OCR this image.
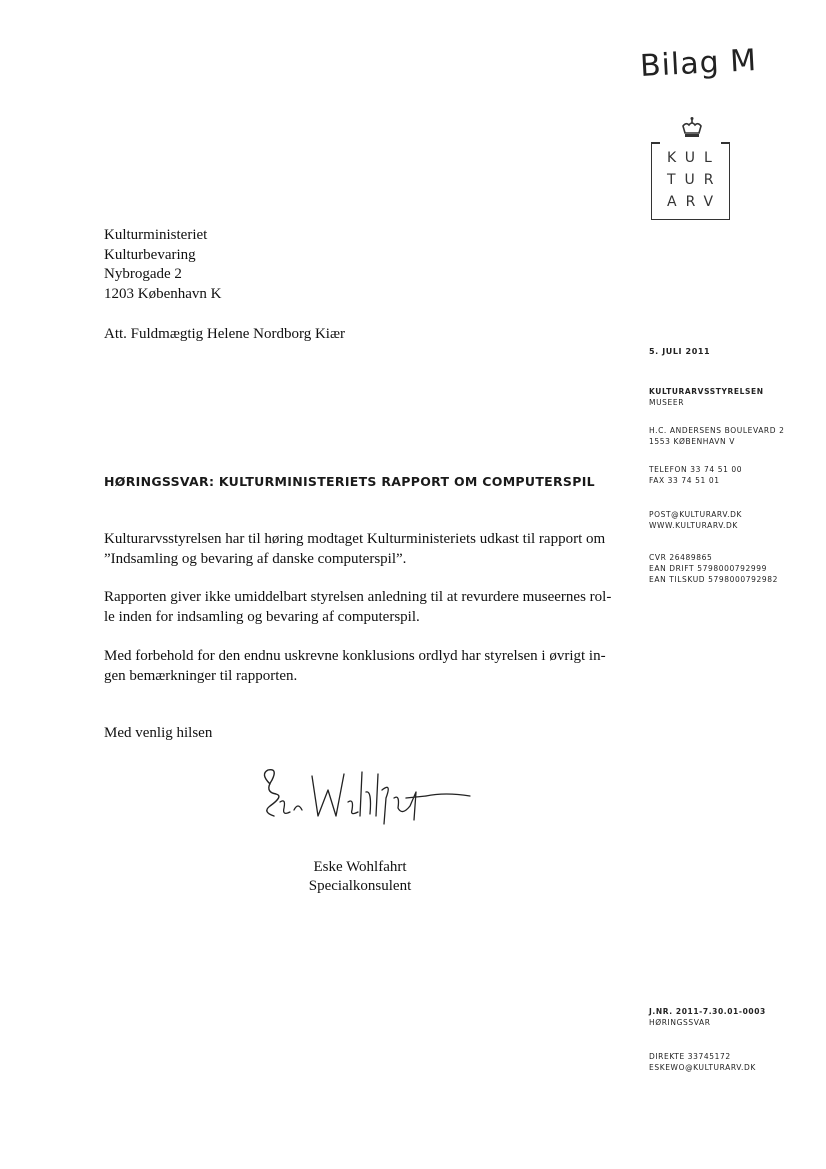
Bilag M
KUL
TUR
ARV
Kulturministeriet
Kulturbevaring
Nybrogade 2
1203 København K
Att. Fuldmægtig Helene Nordborg Kiær
5. JULI 2011
KULTURARVSSTYRELSEN
MUSEER
H.C. ANDERSENS BOULEVARD 2
1553 KØBENHAVN V
TELEFON 33 74 51 00
FAX 33 74 51 01
POST@KULTURARV.DK
WWW.KULTURARV.DK
CVR 26489865
EAN DRIFT 5798000792999
EAN TILSKUD 5798000792982
HØRINGSSVAR: KULTURMINISTERIETS RAPPORT OM COMPUTERSPIL

Kulturarvsstyrelsen har til høring modtaget Kulturministeriets udkast til rapport om

”Indsamling og bevaring af danske computerspil”.

Rapporten giver ikke umiddelbart styrelsen anledning til at revurdere museernes rol-

le inden for indsamling og bevaring af computerspil.

Med forbehold for den endnu uskrevne konklusions ordlyd har styrelsen i øvrigt in-

gen bemærkninger til rapporten.

Med venlig hilsen
Eske Wohlfahrt
Specialkonsulent
J.NR. 2011-7.30.01-0003
HØRINGSSVAR
DIREKTE 33745172
ESKEWO@KULTURARV.DK
